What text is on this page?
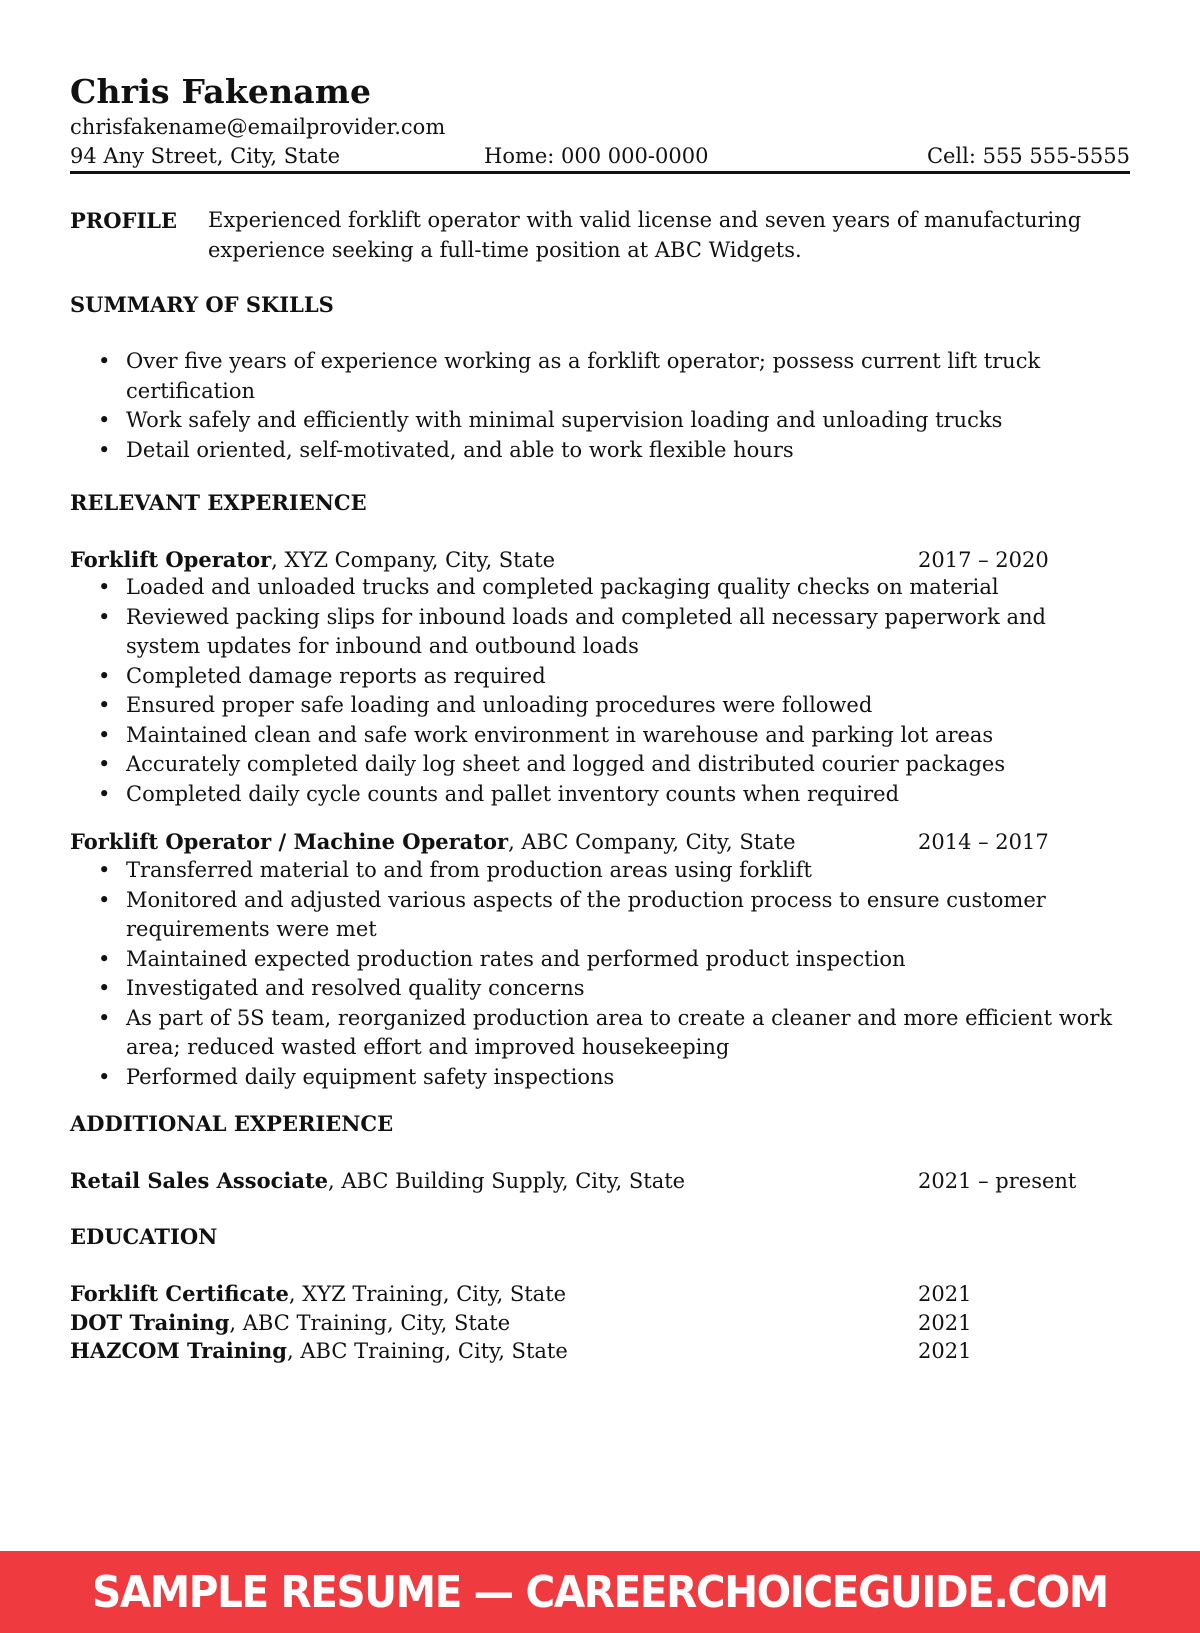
Chris Fakename
chrisfakename@emailprovider.com
94 Any Street, City, State	Home: 000 000-0000	Cell: 555 555-5555
PROFILE Experienced forklift operator with valid license and seven years of manufacturing experience seeking a full-time position at ABC Widgets.
SUMMARY OF SKILLS
• Over five years of experience working as a forklift operator; possess current lift truck certification
• Work safely and efficiently with minimal supervision loading and unloading trucks
• Detail oriented, self-motivated, and able to work flexible hours
RELEVANT EXPERIENCE
Forklift Operator, XYZ Company, City, State	2017 – 2020
• Loaded and unloaded trucks and completed packaging quality checks on material
• Reviewed packing slips for inbound loads and completed all necessary paperwork and system updates for inbound and outbound loads
• Completed damage reports as required
• Ensured proper safe loading and unloading procedures were followed
• Maintained clean and safe work environment in warehouse and parking lot areas
• Accurately completed daily log sheet and logged and distributed courier packages
• Completed daily cycle counts and pallet inventory counts when required
Forklift Operator / Machine Operator, ABC Company, City, State	2014 – 2017
• Transferred material to and from production areas using forklift
• Monitored and adjusted various aspects of the production process to ensure customer requirements were met
• Maintained expected production rates and performed product inspection
• Investigated and resolved quality concerns
• As part of 5S team, reorganized production area to create a cleaner and more efficient work area; reduced wasted effort and improved housekeeping
• Performed daily equipment safety inspections
ADDITIONAL EXPERIENCE
Retail Sales Associate, ABC Building Supply, City, State	2021 – present
EDUCATION
Forklift Certificate, XYZ Training, City, State	2021
DOT Training, ABC Training, City, State	2021
HAZCOM Training, ABC Training, City, State	2021
SAMPLE RESUME — CAREERCHOICEGUIDE.COM
